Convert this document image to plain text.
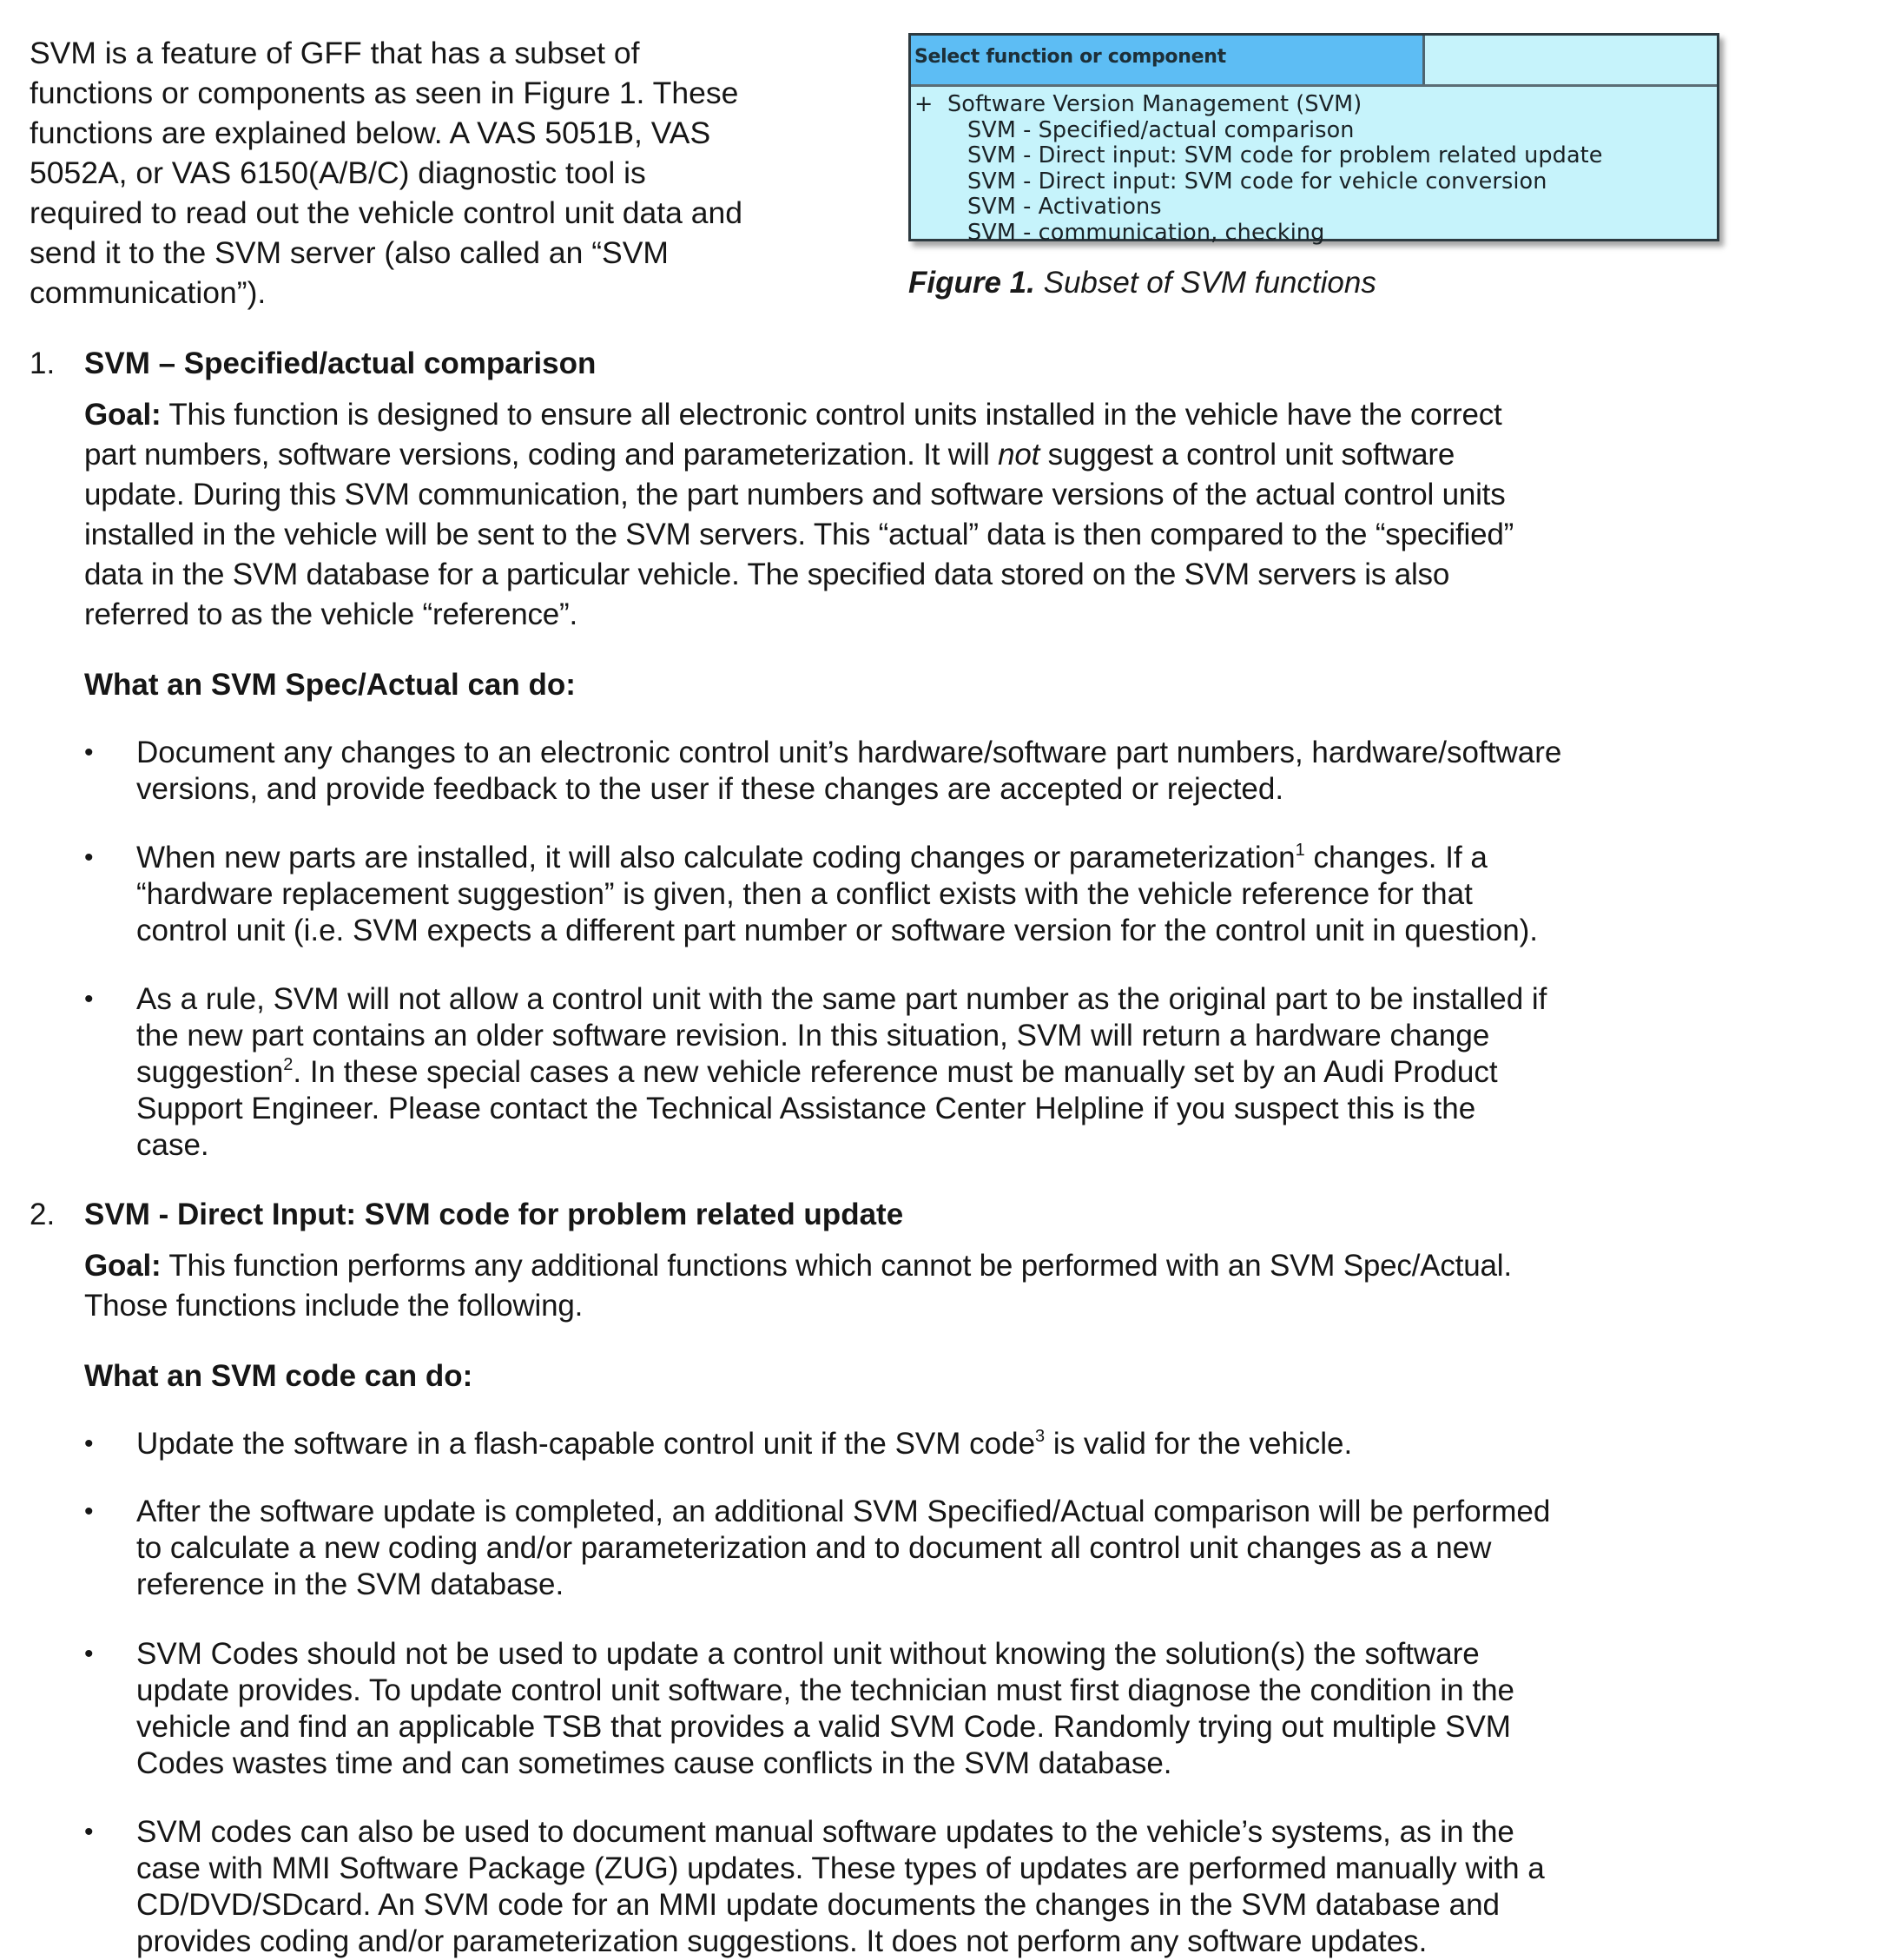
SVM is a feature of GFF that has a subset of
functions or components as seen in Figure 1. These
functions are explained below. A VAS 5051B, VAS
5052A, or VAS 6150(A/B/C) diagnostic tool is
required to read out the vehicle control unit data and
send it to the SVM server (also called an “SVM
communication”).
Select function or component
+ Software Version Management (SVM)
SVM - Specified/actual comparison
SVM - Direct input: SVM code for problem related update
SVM - Direct input: SVM code for vehicle conversion
SVM - Activations
SVM - communication, checking
Figure 1. Subset of SVM functions
1. SVM – Specified/actual comparison
Goal: This function is designed to ensure all electronic control units installed in the vehicle have the correct
part numbers, software versions, coding and parameterization. It will not suggest a control unit software
update. During this SVM communication, the part numbers and software versions of the actual control units
installed in the vehicle will be sent to the SVM servers. This “actual” data is then compared to the “specified”
data in the SVM database for a particular vehicle. The specified data stored on the SVM servers is also
referred to as the vehicle “reference”.
What an SVM Spec/Actual can do:
•	Document any changes to an electronic control unit’s hardware/software part numbers, hardware/software
versions, and provide feedback to the user if these changes are accepted or rejected.
•	When new parts are installed, it will also calculate coding changes or parameterization$^1$ changes. If a
“hardware replacement suggestion” is given, then a conflict exists with the vehicle reference for that
control unit (i.e. SVM expects a different part number or software version for the control unit in question).
•	As a rule, SVM will not allow a control unit with the same part number as the original part to be installed if
the new part contains an older software revision. In this situation, SVM will return a hardware change
suggestion$^2$. In these special cases a new vehicle reference must be manually set by an Audi Product
Support Engineer. Please contact the Technical Assistance Center Helpline if you suspect this is the
case.
2. SVM - Direct Input: SVM code for problem related update
Goal: This function performs any additional functions which cannot be performed with an SVM Spec/Actual.
Those functions include the following.
What an SVM code can do:
•	Update the software in a flash-capable control unit if the SVM code$^3$ is valid for the vehicle.
•	After the software update is completed, an additional SVM Specified/Actual comparison will be performed
to calculate a new coding and/or parameterization and to document all control unit changes as a new
reference in the SVM database.
•	SVM Codes should not be used to update a control unit without knowing the solution(s) the software
update provides. To update control unit software, the technician must first diagnose the condition in the
vehicle and find an applicable TSB that provides a valid SVM Code. Randomly trying out multiple SVM
Codes wastes time and can sometimes cause conflicts in the SVM database.
•	SVM codes can also be used to document manual software updates to the vehicle’s systems, as in the
case with MMI Software Package (ZUG) updates. These types of updates are performed manually with a
CD/DVD/SDcard. An SVM code for an MMI update documents the changes in the SVM database and
provides coding and/or parameterization suggestions. It does not perform any software updates.
